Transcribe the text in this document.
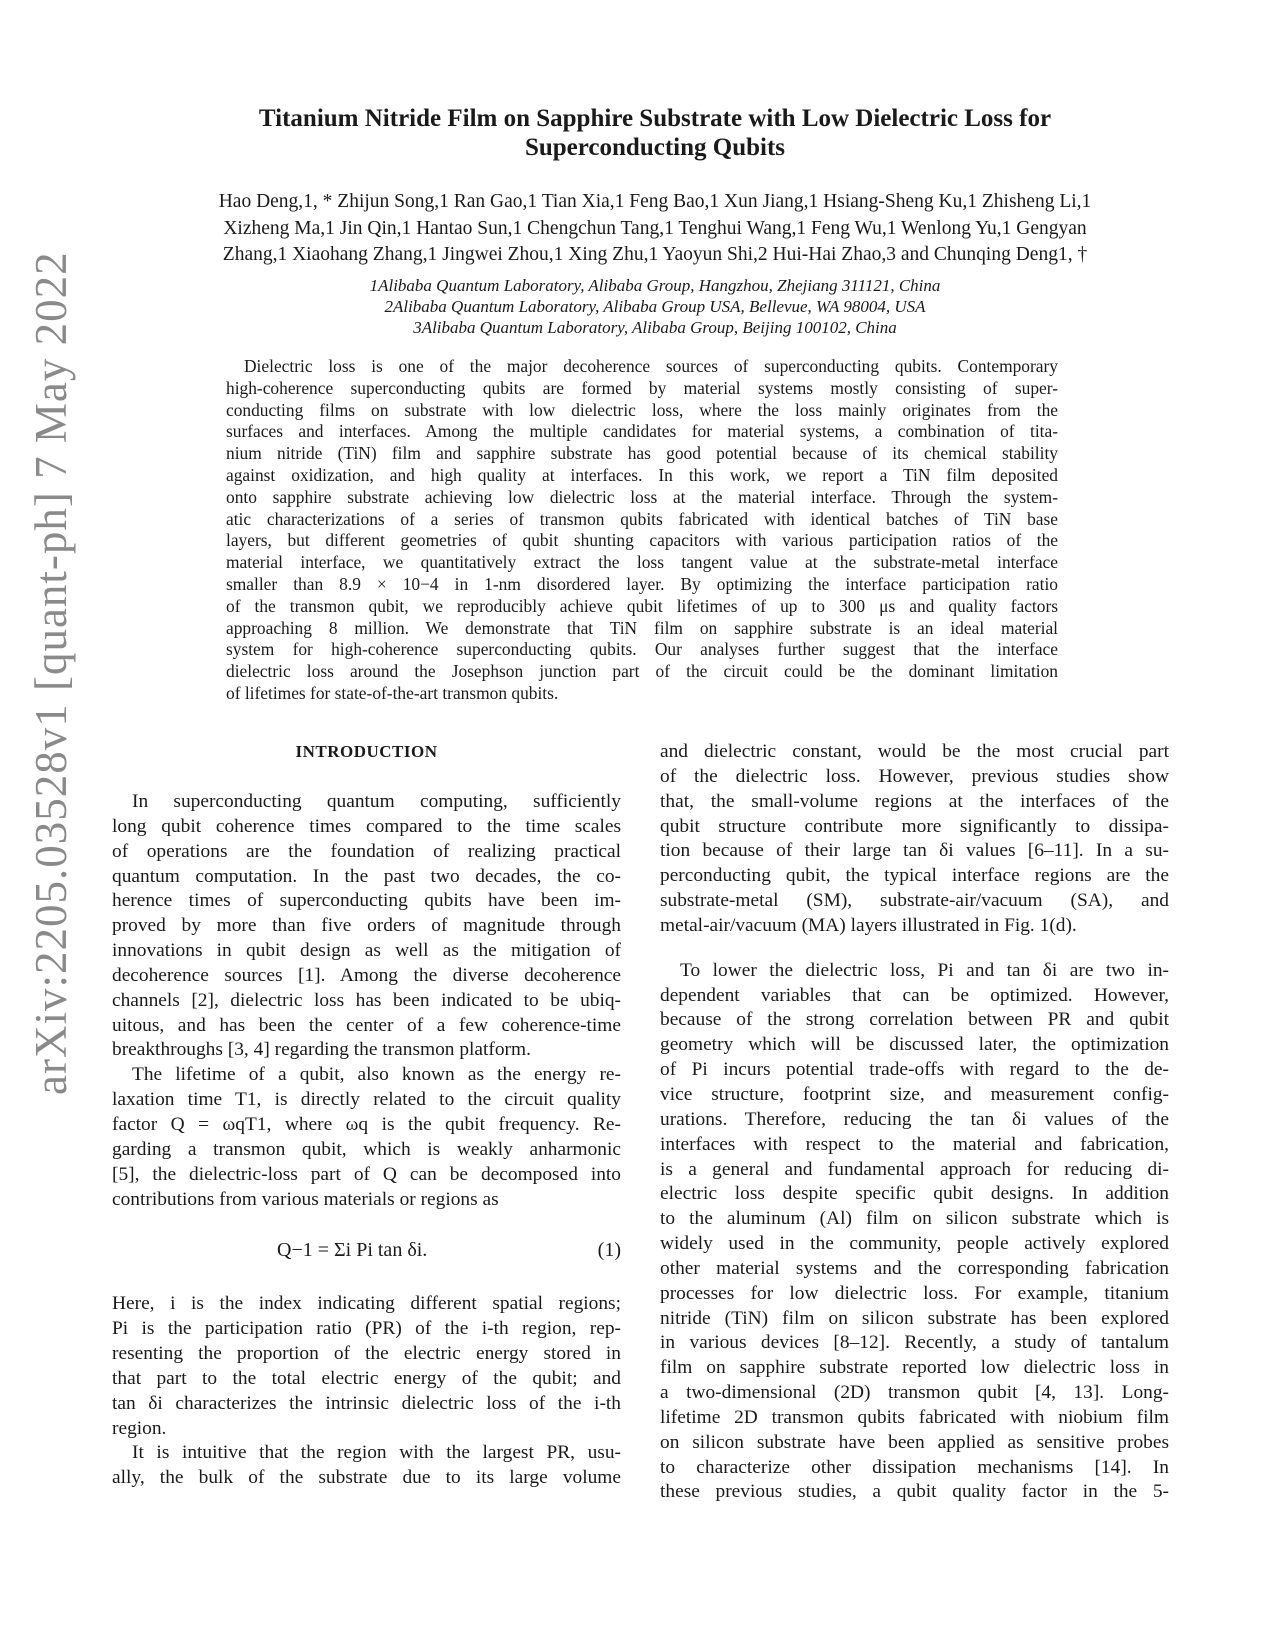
arXiv:2205.03528v1 [quant-ph] 7 May 2022
Titanium Nitride Film on Sapphire Substrate with Low Dielectric Loss for
Superconducting Qubits
Hao Deng,1, * Zhijun Song,1 Ran Gao,1 Tian Xia,1 Feng Bao,1 Xun Jiang,1 Hsiang-Sheng Ku,1 Zhisheng Li,1
Xizheng Ma,1 Jin Qin,1 Hantao Sun,1 Chengchun Tang,1 Tenghui Wang,1 Feng Wu,1 Wenlong Yu,1 Gengyan
Zhang,1 Xiaohang Zhang,1 Jingwei Zhou,1 Xing Zhu,1 Yaoyun Shi,2 Hui-Hai Zhao,3 and Chunqing Deng1, †
1Alibaba Quantum Laboratory, Alibaba Group, Hangzhou, Zhejiang 311121, China
2Alibaba Quantum Laboratory, Alibaba Group USA, Bellevue, WA 98004, USA
3Alibaba Quantum Laboratory, Alibaba Group, Beijing 100102, China
Dielectric loss is one of the major decoherence sources of superconducting qubits. Contemporary
high-coherence superconducting qubits are formed by material systems mostly consisting of super-
conducting films on substrate with low dielectric loss, where the loss mainly originates from the
surfaces and interfaces. Among the multiple candidates for material systems, a combination of tita-
nium nitride (TiN) film and sapphire substrate has good potential because of its chemical stability
against oxidization, and high quality at interfaces. In this work, we report a TiN film deposited
onto sapphire substrate achieving low dielectric loss at the material interface. Through the system-
atic characterizations of a series of transmon qubits fabricated with identical batches of TiN base
layers, but different geometries of qubit shunting capacitors with various participation ratios of the
material interface, we quantitatively extract the loss tangent value at the substrate-metal interface
smaller than 8.9 × 10−4 in 1-nm disordered layer. By optimizing the interface participation ratio
of the transmon qubit, we reproducibly achieve qubit lifetimes of up to 300 μs and quality factors
approaching 8 million. We demonstrate that TiN film on sapphire substrate is an ideal material
system for high-coherence superconducting qubits. Our analyses further suggest that the interface
dielectric loss around the Josephson junction part of the circuit could be the dominant limitation
of lifetimes for state-of-the-art transmon qubits.
INTRODUCTION
In superconducting quantum computing, sufficiently
long qubit coherence times compared to the time scales
of operations are the foundation of realizing practical
quantum computation. In the past two decades, the co-
herence times of superconducting qubits have been im-
proved by more than five orders of magnitude through
innovations in qubit design as well as the mitigation of
decoherence sources [1]. Among the diverse decoherence
channels [2], dielectric loss has been indicated to be ubiq-
uitous, and has been the center of a few coherence-time
breakthroughs [3, 4] regarding the transmon platform.
The lifetime of a qubit, also known as the energy re-
laxation time T1, is directly related to the circuit quality
factor Q = ωqT1, where ωq is the qubit frequency. Re-
garding a transmon qubit, which is weakly anharmonic
[5], the dielectric-loss part of Q can be decomposed into
contributions from various materials or regions as
Q−1 = Σi Pi tan δi.	(1)
Here, i is the index indicating different spatial regions;
Pi is the participation ratio (PR) of the i-th region, rep-
resenting the proportion of the electric energy stored in
that part to the total electric energy of the qubit; and
tan δi characterizes the intrinsic dielectric loss of the i-th
region.
It is intuitive that the region with the largest PR, usu-
ally, the bulk of the substrate due to its large volume
and dielectric constant, would be the most crucial part
of the dielectric loss. However, previous studies show
that, the small-volume regions at the interfaces of the
qubit structure contribute more significantly to dissipa-
tion because of their large tan δi values [6–11]. In a su-
perconducting qubit, the typical interface regions are the
substrate-metal (SM), substrate-air/vacuum (SA), and
metal-air/vacuum (MA) layers illustrated in Fig. 1(d).
To lower the dielectric loss, Pi and tan δi are two in-
dependent variables that can be optimized. However,
because of the strong correlation between PR and qubit
geometry which will be discussed later, the optimization
of Pi incurs potential trade-offs with regard to the de-
vice structure, footprint size, and measurement config-
urations. Therefore, reducing the tan δi values of the
interfaces with respect to the material and fabrication,
is a general and fundamental approach for reducing di-
electric loss despite specific qubit designs. In addition
to the aluminum (Al) film on silicon substrate which is
widely used in the community, people actively explored
other material systems and the corresponding fabrication
processes for low dielectric loss. For example, titanium
nitride (TiN) film on silicon substrate has been explored
in various devices [8–12]. Recently, a study of tantalum
film on sapphire substrate reported low dielectric loss in
a two-dimensional (2D) transmon qubit [4, 13]. Long-
lifetime 2D transmon qubits fabricated with niobium film
on silicon substrate have been applied as sensitive probes
to characterize other dissipation mechanisms [14]. In
these previous studies, a qubit quality factor in the 5-
